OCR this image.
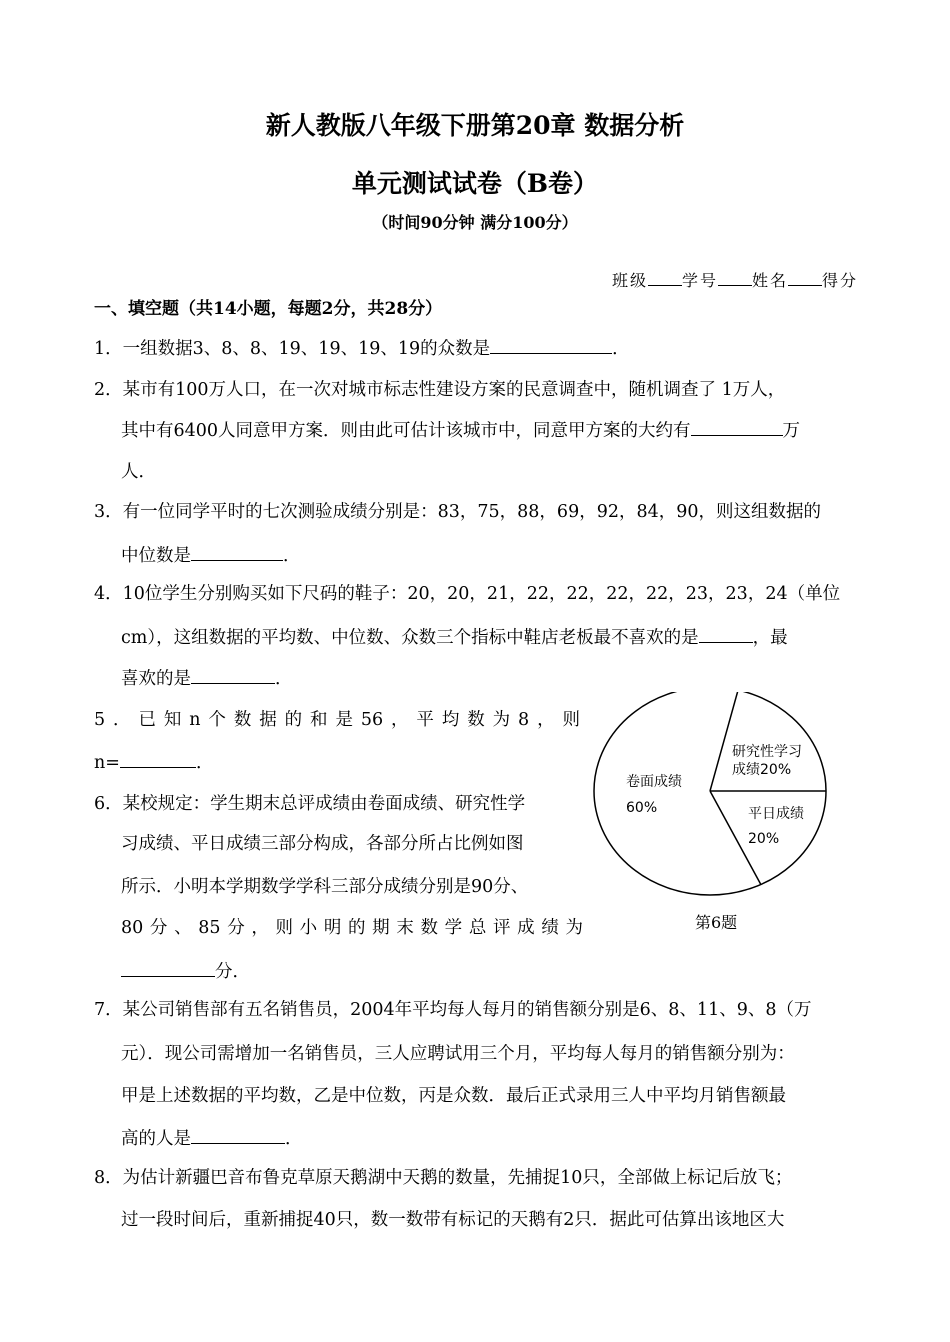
新人教版八年级下册第20章 数据分析
单元测试试卷（B卷）
（时间90分钟 满分100分）
班级 学号 姓名 得分
一、填空题（共14小题，每题2分，共28分）
1．一组数据3、8、8、19、19、19、19的众数是	．
2．某市有100万人口，在一次对城市标志性建设方案的民意调查中，随机调查了 1万人，
其中有6400人同意甲方案．则由此可估计该城市中，同意甲方案的大约有	万
人．
3．有一位同学平时的七次测验成绩分别是：83，75，88，69，92，84，90，则这组数据的
中位数是	．
4．10位学生分别购买如下尺码的鞋子：20，20，21，22，22，22，22，23，23，24（单位
cm），这组数据的平均数、中位数、众数三个指标中鞋店老板最不喜欢的是	，最
喜欢的是	．
5．已知n个数据的和是56，平均数为8，则
n=	．
6．某校规定：学生期末总评成绩由卷面成绩、研究性学
习成绩、平日成绩三部分构成，各部分所占比例如图
所示．小明本学期数学学科三部分成绩分别是90分、
80分、85分，则小明的期末数学总评成绩为
分．
卷面成绩
60%
研究性学习
成绩20%
平日成绩
20%
第6题
7．某公司销售部有五名销售员，2004年平均每人每月的销售额分别是6、8、11、9、8（万
元）．现公司需增加一名销售员，三人应聘试用三个月，平均每人每月的销售额分别为：
甲是上述数据的平均数，乙是中位数，丙是众数．最后正式录用三人中平均月销售额最
高的人是	．
8．为估计新疆巴音布鲁克草原天鹅湖中天鹅的数量，先捕捉10只，全部做上标记后放飞；
过一段时间后，重新捕捉40只，数一数带有标记的天鹅有2只．据此可估算出该地区大
